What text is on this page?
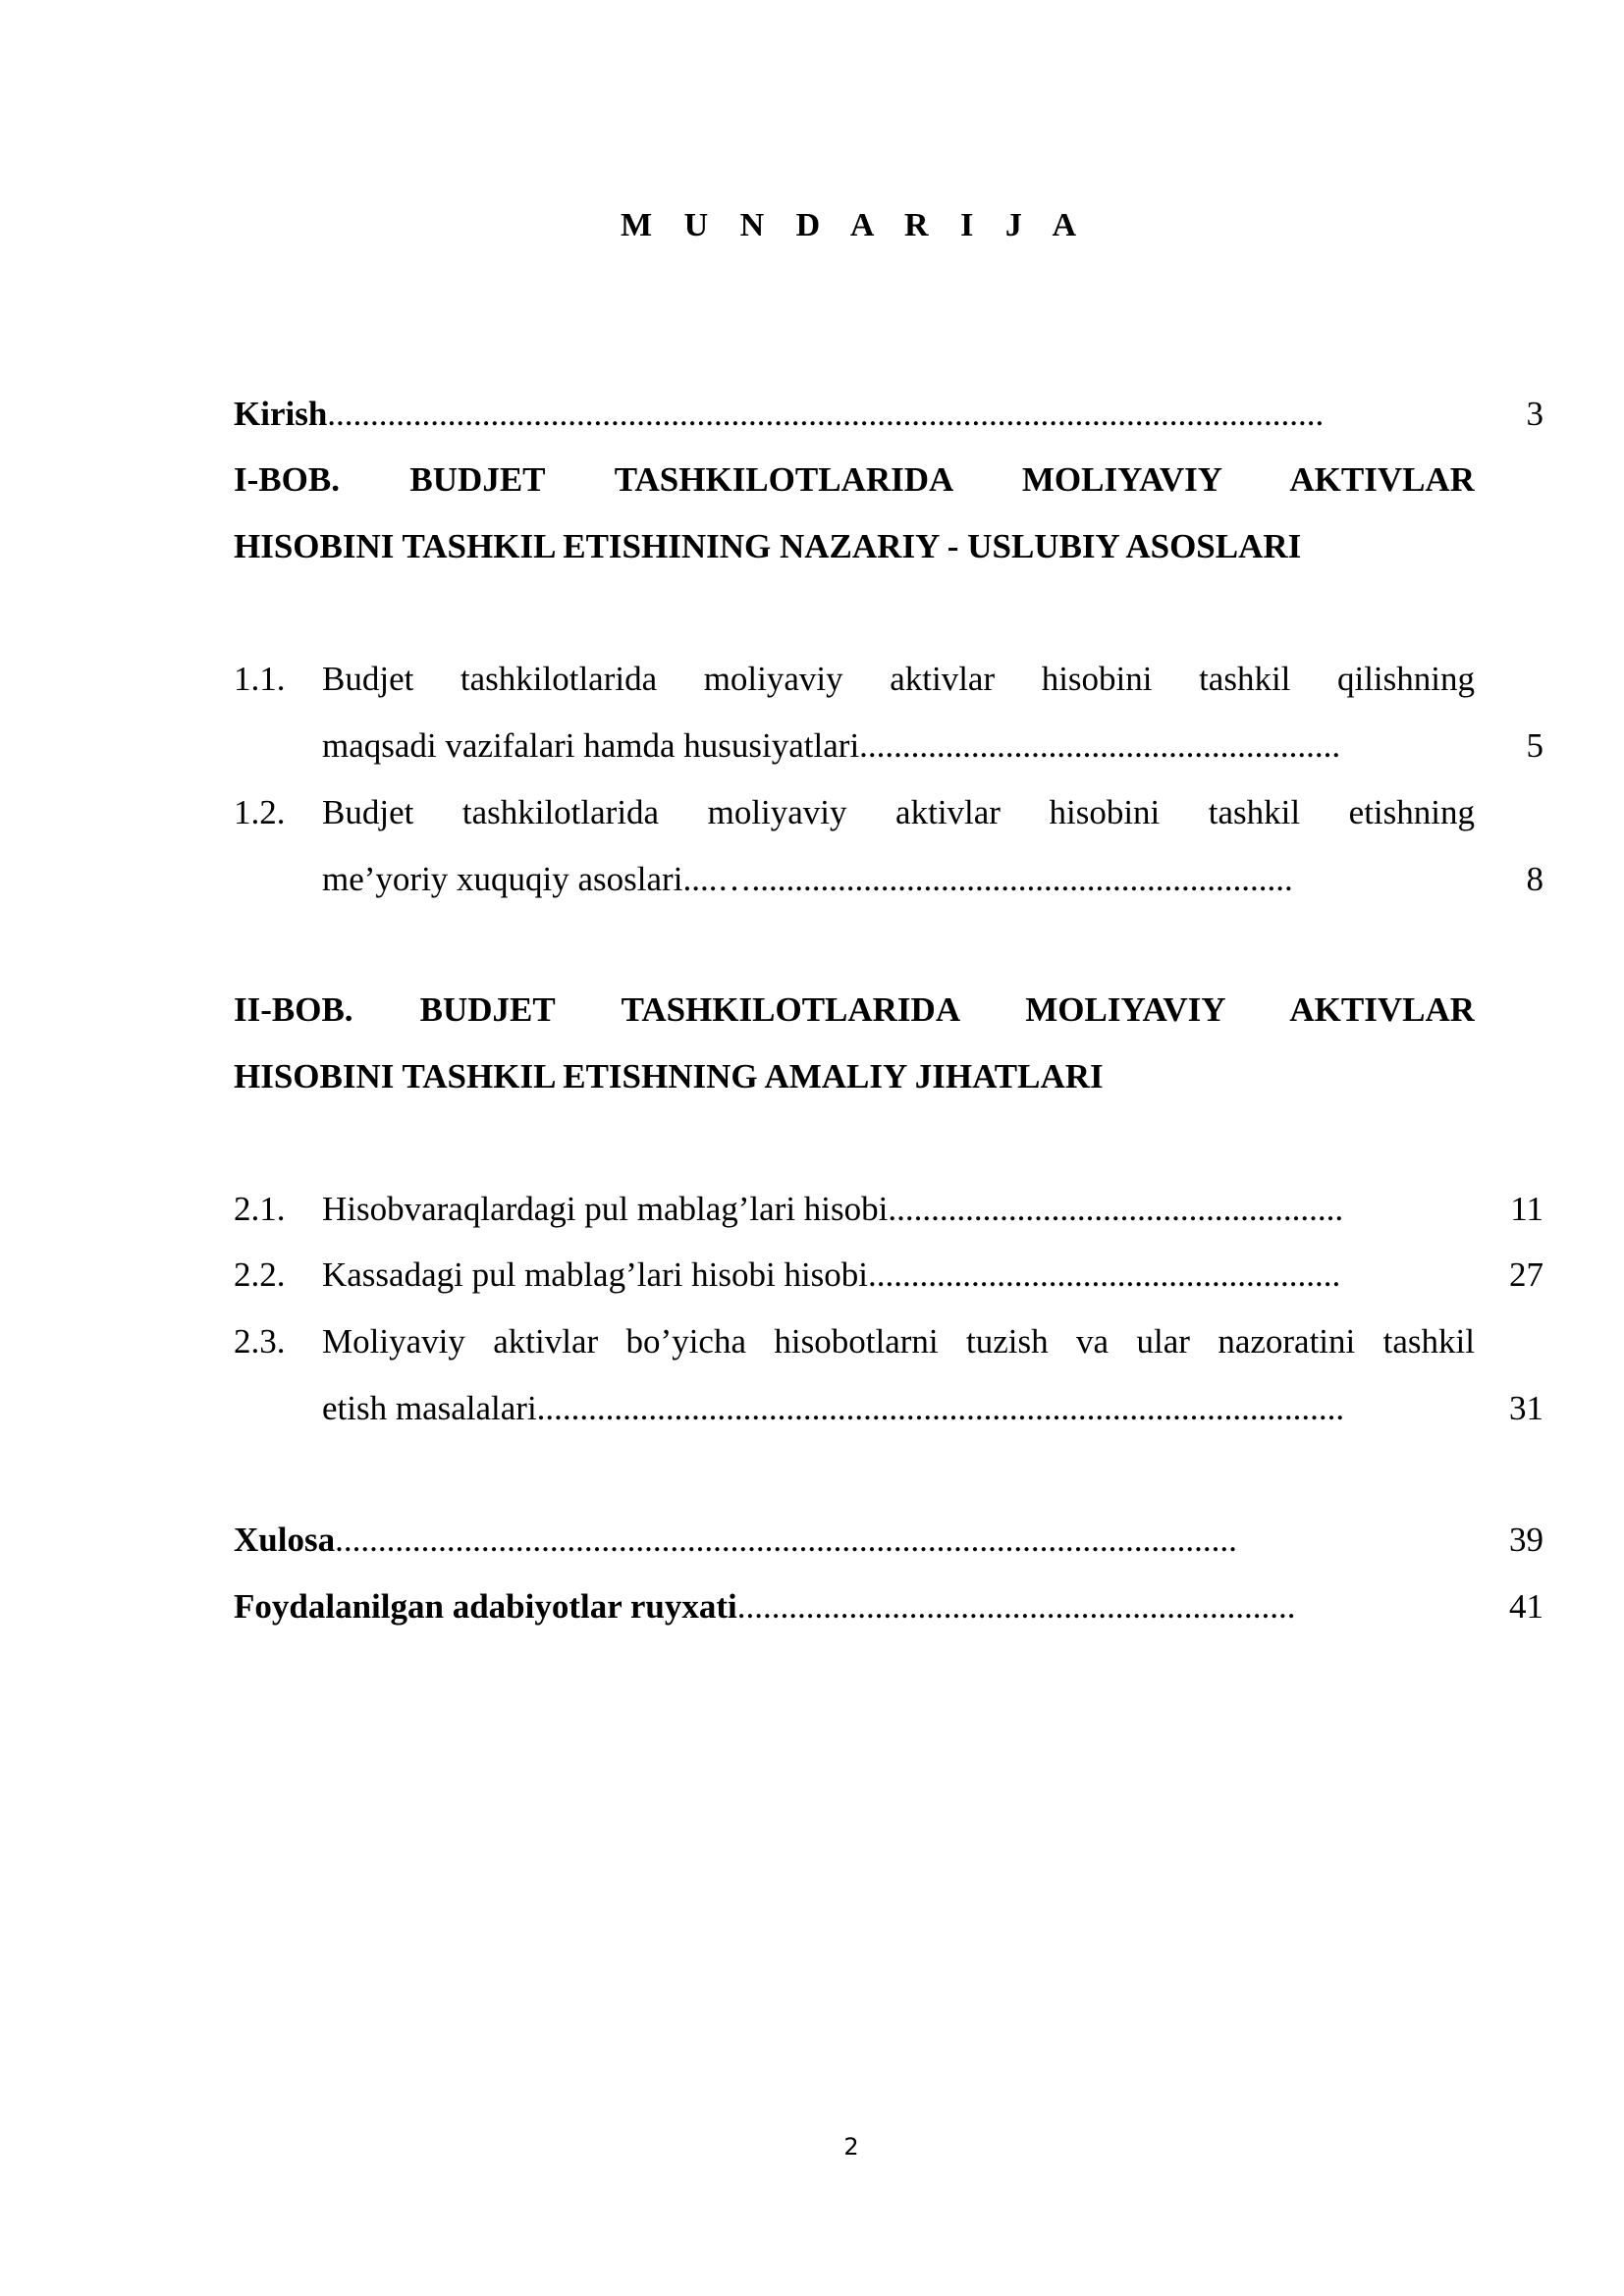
M U N D A R I J A
Kirish....................................................................................................................	3
I-BOB. BUDJET TASHKILOTLARIDA MOLIYAVIY AKTIVLAR
HISOBINI TASHKIL ETISHINING NAZARIY - USLUBIY ASOSLARI
1.1. Budjet tashkilotlarida moliyaviy aktivlar hisobini tashkil qilishning
maqsadi vazifalari hamda hususiyatlari........................................................	5
1.2. Budjet tashkilotlarida moliyaviy aktivlar hisobini tashkil etishning
me’yoriy xuquqiy asoslari....…...............................................................	8
II-BOB. BUDJET TASHKILOTLARIDA MOLIYAVIY AKTIVLAR
HISOBINI TASHKIL ETISHNING AMALIY JIHATLARI
2.1. Hisobvaraqlardagi pul mablag’lari hisobi.....................................................	11
2.2. Kassadagi pul mablag’lari hisobi hisobi.......................................................	27
2.3. Moliyaviy aktivlar bo’yicha hisobotlarni tuzish va ular nazoratini tashkil
etish masalalari..............................................................................................	31
Xulosa.........................................................................................................	39
Foydalanilgan adabiyotlar ruyxati.................................................................	41
2
